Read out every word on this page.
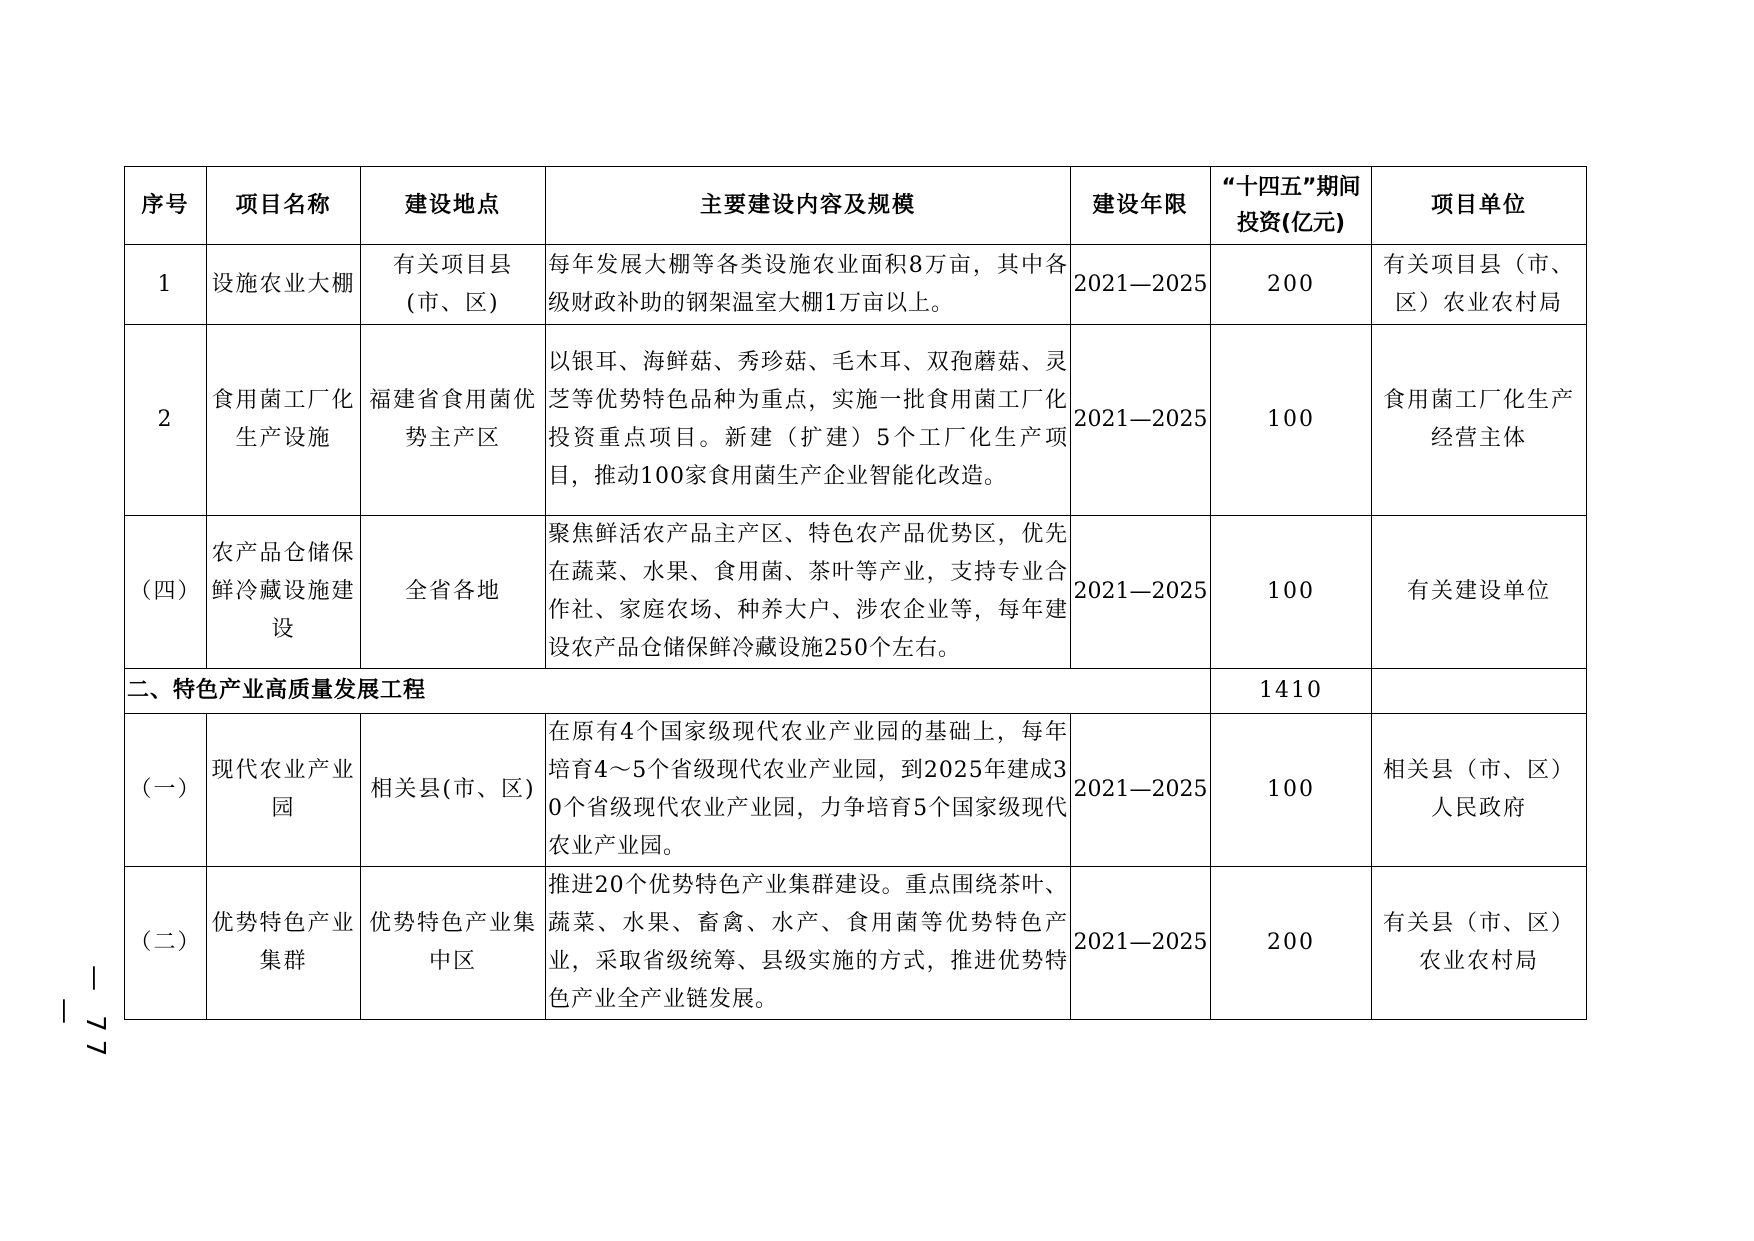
序号	项目名称	建设地点	主要建设内容及规模	建设年限	“十四五”期间投资(亿元)	项目单位
1	设施农业大棚	有关项目县(市、区)	每年发展大棚等各类设施农业面积8万亩，其中各级财政补助的钢架温室大棚1万亩以上。	2021—2025	200	有关项目县（市、区）农业农村局
2	食用菌工厂化生产设施	福建省食用菌优势主产区	以银耳、海鲜菇、秀珍菇、毛木耳、双孢蘑菇、灵芝等优势特色品种为重点，实施一批食用菌工厂化投资重点项目。新建（扩建）5个工厂化生产项目，推动100家食用菌生产企业智能化改造。	2021—2025	100	食用菌工厂化生产经营主体
（四）	农产品仓储保鲜冷藏设施建设	全省各地	聚焦鲜活农产品主产区、特色农产品优势区，优先在蔬菜、水果、食用菌、茶叶等产业，支持专业合作社、家庭农场、种养大户、涉农企业等，每年建设农产品仓储保鲜冷藏设施250个左右。	2021—2025	100	有关建设单位
二、特色产业高质量发展工程					1410	
（一）	现代农业产业园	相关县(市、区)	在原有4个国家级现代农业产业园的基础上，每年培育4～5个省级现代农业产业园，到2025年建成30个省级现代农业产业园，力争培育5个国家级现代农业产业园。	2021—2025	100	相关县（市、区）人民政府
（二）	优势特色产业集群	优势特色产业集中区	推进20个优势特色产业集群建设。重点围绕茶叶、蔬菜、水果、畜禽、水产、食用菌等优势特色产业，采取省级统筹、县级实施的方式，推进优势特色产业全产业链发展。	2021—2025	200	有关县（市、区）农业农村局
— 77 —
